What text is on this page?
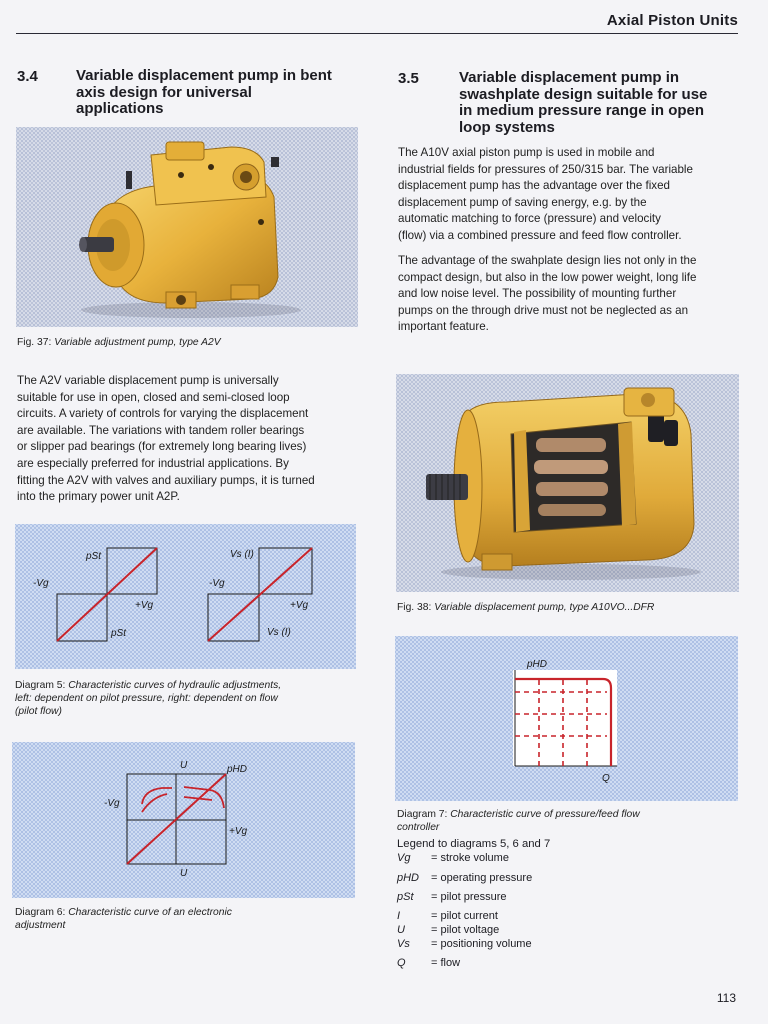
Axial Piston Units
3.4	Variable displacement pump in bent
axis design for universal
applications
Fig. 37: Variable adjustment pump, type A2V
The A2V variable displacement pump is universally
suitable for use in open, closed and semi-closed loop
circuits. A variety of controls for varying the displacement
are available. The variations with tandem roller bearings
or slipper pad bearings (for extremely long bearing lives)
are especially preferred for industrial applications. By
fitting the A2V with valves and auxiliary pumps, it is turned
into the primary power unit A2P.
pSt
-Vg
+Vg
pSt
Vs (I)
-Vg
+Vg
Vs (I)
Diagram 5: Characteristic curves of hydraulic adjustments,
left: dependent on pilot pressure, right: dependent on flow
(pilot flow)
U	pHD
-Vg
+Vg
U
Diagram 6: Characteristic curve of an electronic
adjustment
3.5	Variable displacement pump in
swashplate design suitable for use
in medium pressure range in open
loop systems
The A10V axial piston pump is used in mobile and
industrial fields for pressures of 250/315 bar. The variable
displacement pump has the advantage over the fixed
displacement pump of saving energy, e.g. by the
automatic matching to force (pressure) and velocity
(flow) via a combined pressure and feed flow controller.
The advantage of the swahplate design lies not only in the
compact design, but also in the low power weight, long life
and low noise level. The possibility of mounting further
pumps on the through drive must not be neglected as an
important feature.
Fig. 38: Variable displacement pump, type A10VO...DFR
pHD
Q
Diagram 7: Characteristic curve of pressure/feed flow
controller
Legend to diagrams 5, 6 and 7
Vg = stroke volume
pHD = operating pressure
pSt = pilot pressure
I	= pilot current
U = pilot voltage
Vs = positioning volume
Q = flow
113
